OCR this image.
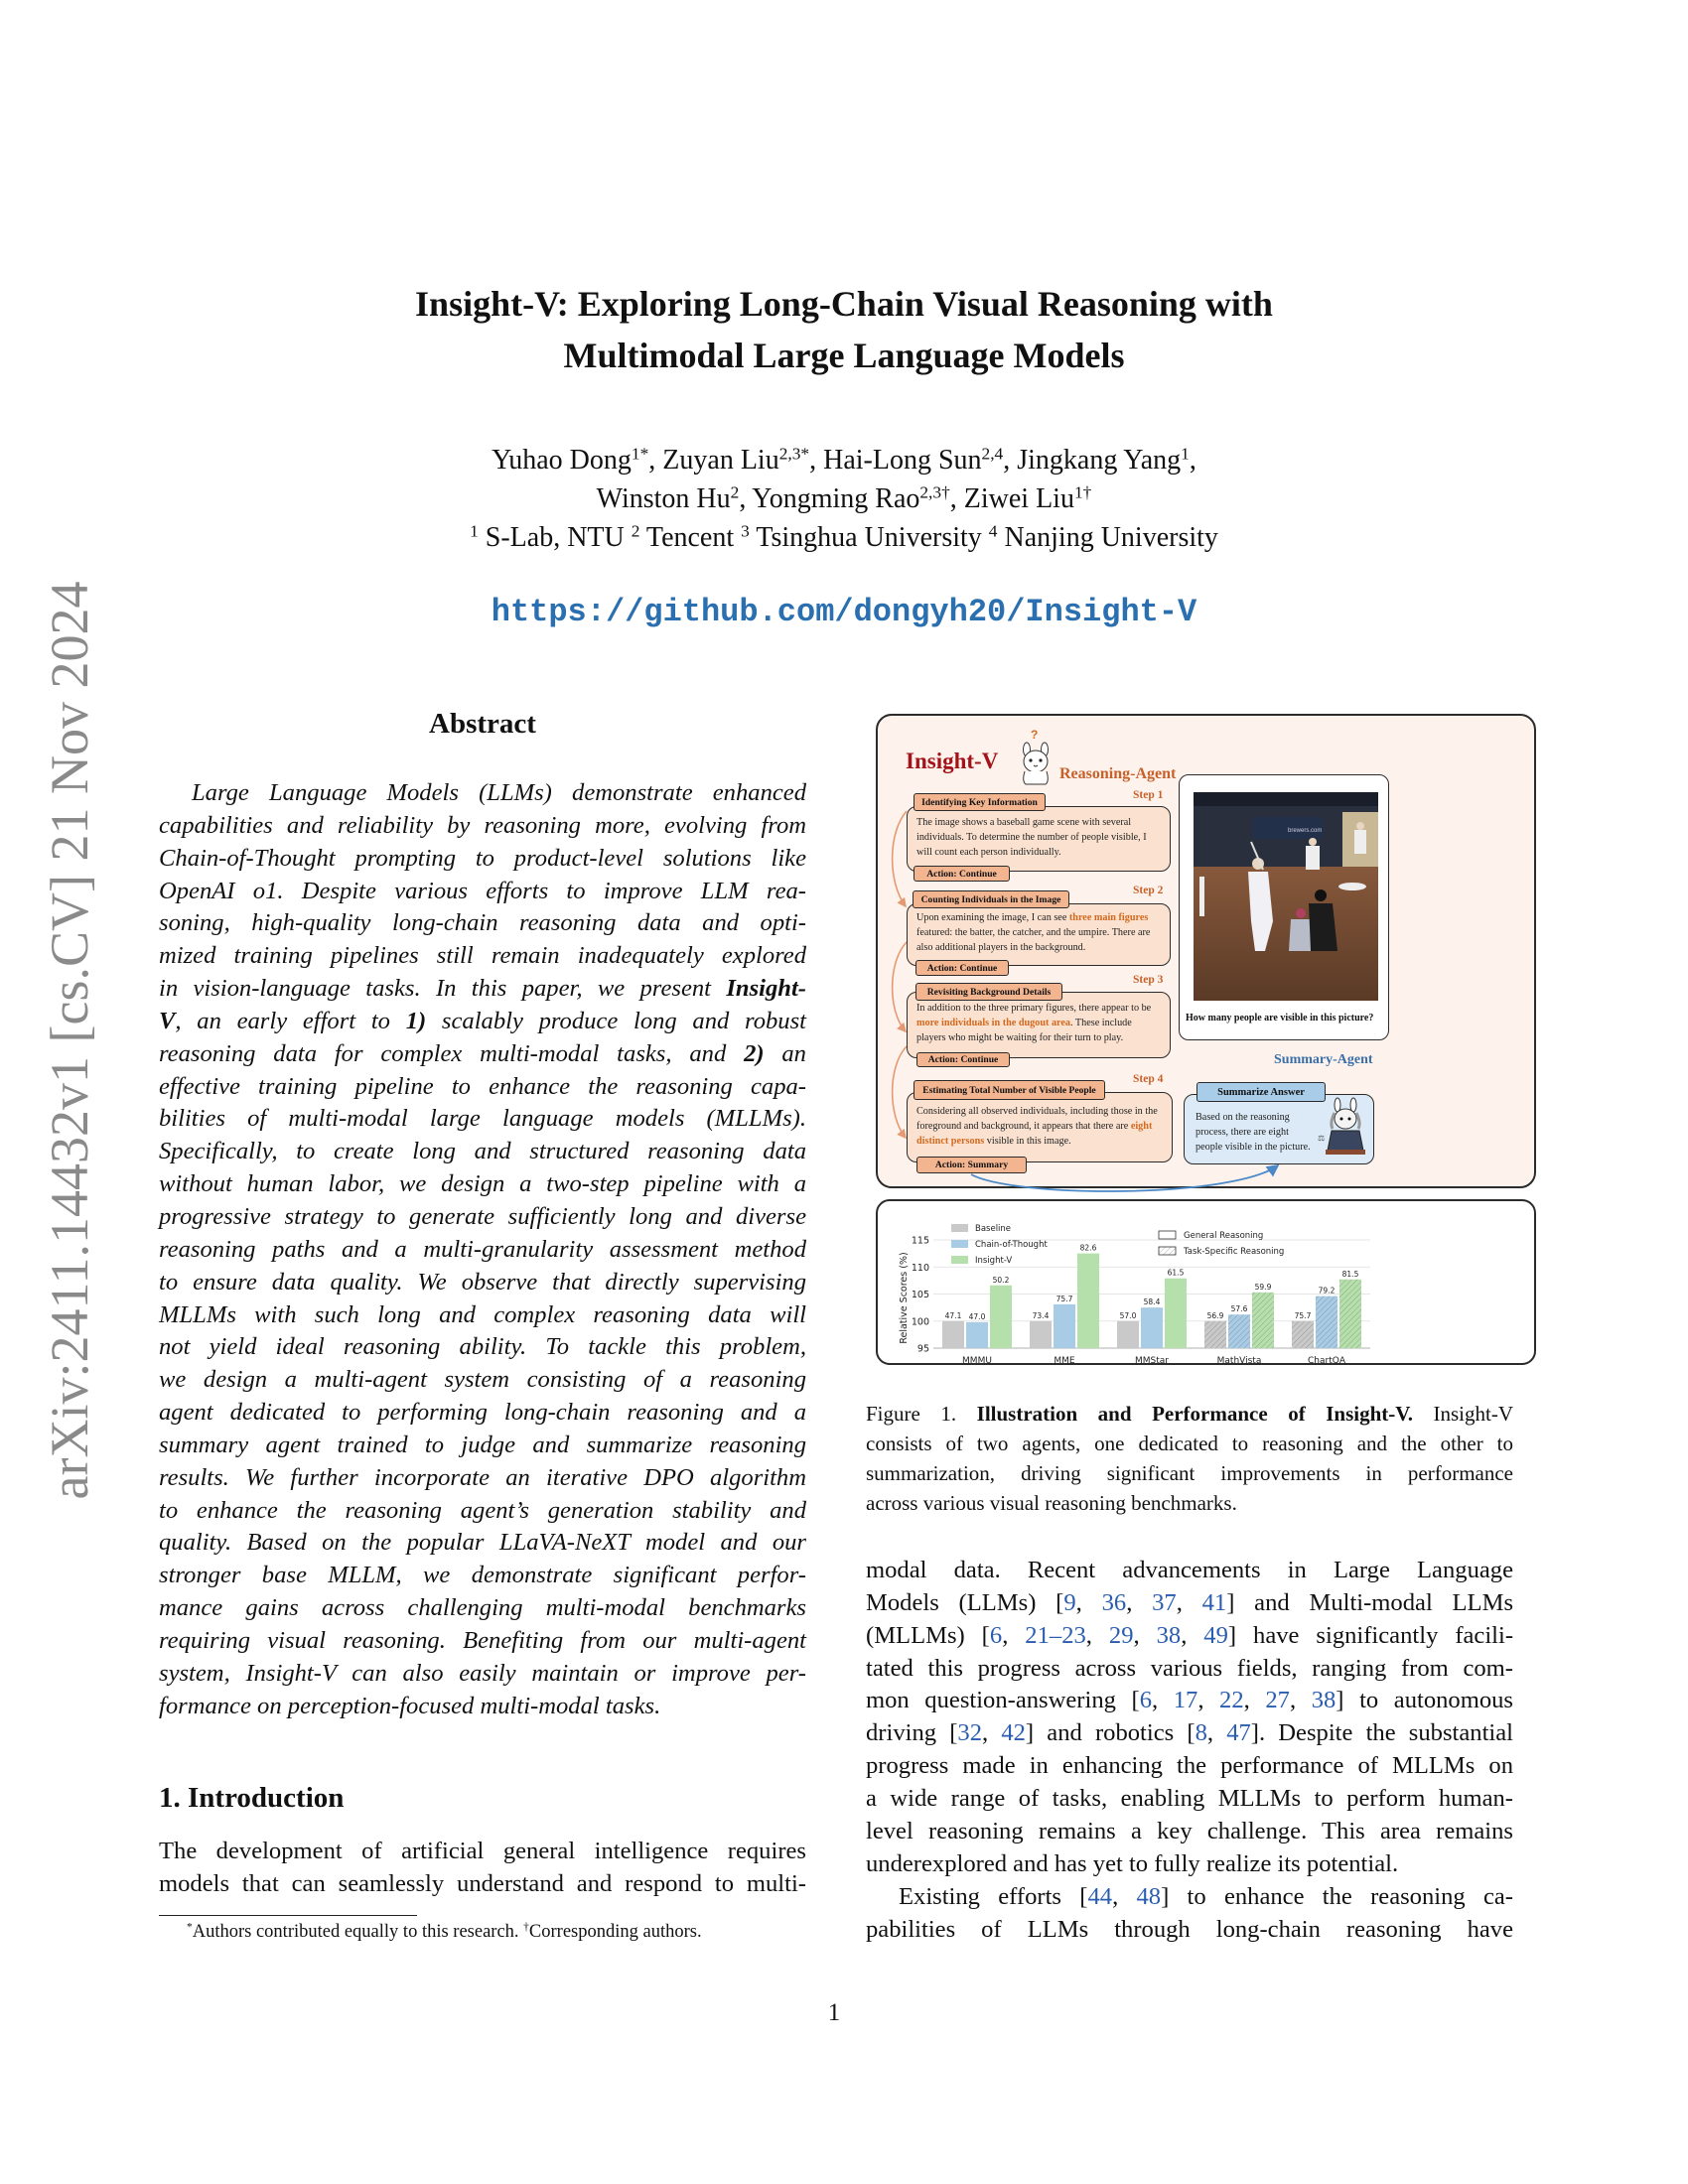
arXiv:2411.14432v1 [cs.CV] 21 Nov 2024
Insight-V: Exploring Long-Chain Visual Reasoning with
Multimodal Large Language Models
Yuhao Dong$^{1*}$, Zuyan Liu$^{2,3*}$, Hai-Long Sun$^{2,4}$, Jingkang Yang$^1$,
Winston Hu$^2$, Yongming Rao$^{2,3\dagger}$, Ziwei Liu$^{1\dagger}$
$^1$ S-Lab, NTU $^2$ Tencent $^3$ Tsinghua University $^4$ Nanjing University
https://github.com/dongyh20/Insight-V
Abstract
Large Language Models (LLMs) demonstrate enhanced
capabilities and reliability by reasoning more, evolving from
Chain-of-Thought prompting to product-level solutions like
OpenAI o1. Despite various efforts to improve LLM rea-
soning, high-quality long-chain reasoning data and opti-
mized training pipelines still remain inadequately explored
in vision-language tasks. In this paper, we present Insight-
V, an early effort to 1) scalably produce long and robust
reasoning data for complex multi-modal tasks, and 2) an
effective training pipeline to enhance the reasoning capa-
bilities of multi-modal large language models (MLLMs).
Specifically, to create long and structured reasoning data
without human labor, we design a two-step pipeline with a
progressive strategy to generate sufficiently long and diverse
reasoning paths and a multi-granularity assessment method
to ensure data quality. We observe that directly supervising
MLLMs with such long and complex reasoning data will
not yield ideal reasoning ability. To tackle this problem,
we design a multi-agent system consisting of a reasoning
agent dedicated to performing long-chain reasoning and a
summary agent trained to judge and summarize reasoning
results. We further incorporate an iterative DPO algorithm
to enhance the reasoning agent’s generation stability and
quality. Based on the popular LLaVA-NeXT model and our
stronger base MLLM, we demonstrate significant perfor-
mance gains across challenging multi-modal benchmarks
requiring visual reasoning. Benefiting from our multi-agent
system, Insight-V can also easily maintain or improve per-
formance on perception-focused multi-modal tasks.
1. Introduction
The development of artificial general intelligence requires
models that can seamlessly understand and respond to multi-
*Authors contributed equally to this research. †Corresponding authors.
1
Insight-V
?
Reasoning-Agent
Step 1
Identifying Key Information
The image shows a baseball game scene with several
individuals. To determine the number of people visible, I
will count each person individually.
Action: Continue
Step 2
Counting Individuals in the Image
Upon examining the image, I can see three main figures
featured: the batter, the catcher, and the umpire. There are
also additional players in the background.
Action: Continue
Step 3
Revisiting Background Details
In addition to the three primary figures, there appear to be
more individuals in the dugout area. These include
players who might be waiting for their turn to play.
Action: Continue
Step 4
Estimating Total Number of Visible People
Considering all observed individuals, including those in the
foreground and background, it appears that there are eight
distinct persons visible in this image.
Action: Summary
brewers.com
How many people are visible in this picture?
Summary-Agent
Summarize Answer
Based on the reasoning
process, there are eight
people visible in the picture.
⚖
95
100
105
110
115
Relative Scores (%)
MMMU	MME	MMStar	MathVista	ChartQA
47.1 47.0
50.2
73.4
75.7
82.6
57.0
58.4
61.5
56.9
57.6
59.9
75.7
79.2
81.5
Baseline
Chain-of-Thought
Insight-V
General Reasoning
Task-Specific Reasoning
Figure 1. Illustration and Performance of Insight-V. Insight-V
consists of two agents, one dedicated to reasoning and the other to
summarization, driving significant improvements in performance
across various visual reasoning benchmarks.
modal data. Recent advancements in Large Language
Models (LLMs) [9, 36, 37, 41] and Multi-modal LLMs
(MLLMs) [6, 21–23, 29, 38, 49] have significantly facili-
tated this progress across various fields, ranging from com-
mon question-answering [6, 17, 22, 27, 38] to autonomous
driving [32, 42] and robotics [8, 47]. Despite the substantial
progress made in enhancing the performance of MLLMs on
a wide range of tasks, enabling MLLMs to perform human-
level reasoning remains a key challenge. This area remains
underexplored and has yet to fully realize its potential.
Existing efforts [44, 48] to enhance the reasoning ca-
pabilities of LLMs through long-chain reasoning have
